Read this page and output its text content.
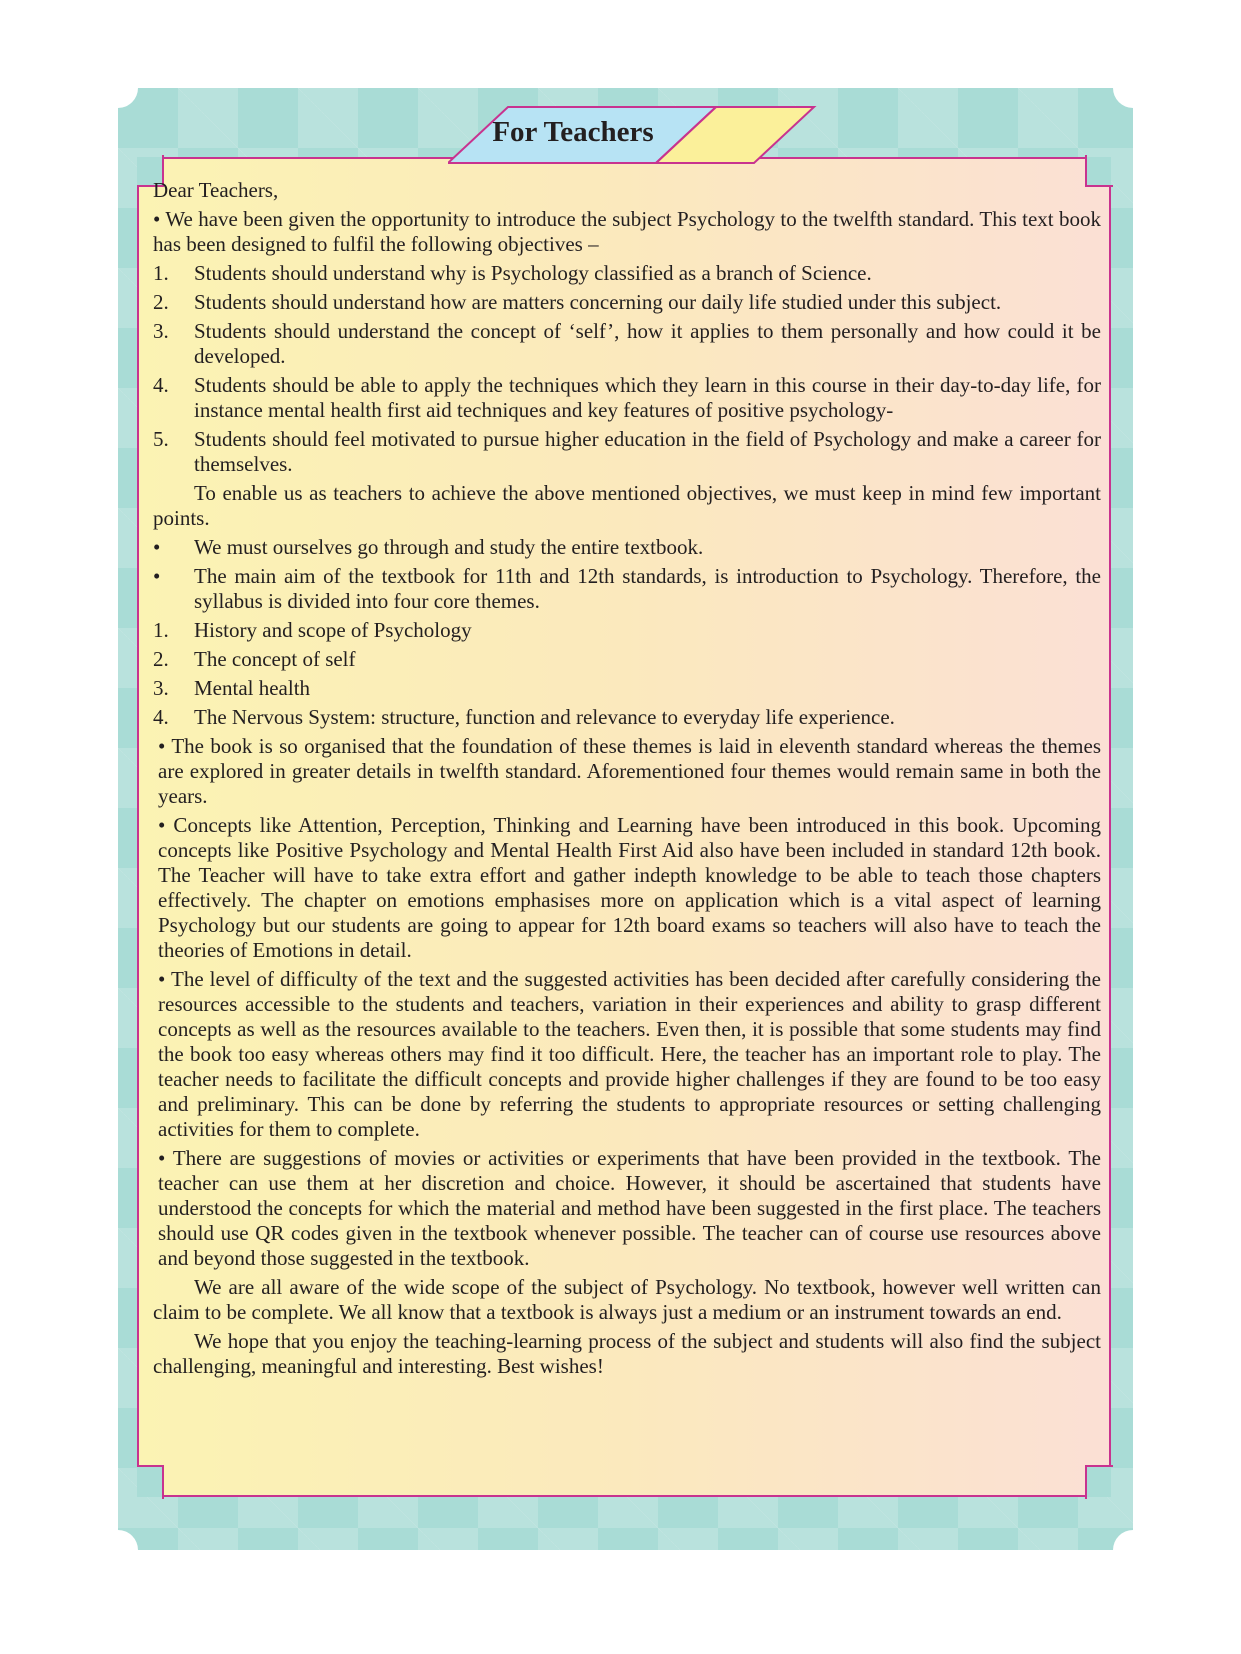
For Teachers

Dear Teachers,

• We have been given the opportunity to introduce the subject Psychology to the twelfth standard. This text book has been designed to fulfil the following objectives –

1.	Students should understand why is Psychology classified as a branch of Science.
2.	Students should understand how are matters concerning our daily life studied under this subject.
3.	Students should understand the concept of ‘self’, how it applies to them personally and how could it be developed.
4.	Students should be able to apply the techniques which they learn in this course in their day-to-day life, for instance mental health first aid techniques and key features of positive psychology-
5.	Students should feel motivated to pursue higher education in the field of Psychology and make a career for themselves.

To enable us as teachers to achieve the above mentioned objectives, we must keep in mind few important points.

•	We must ourselves go through and study the entire textbook.
•	The main aim of the textbook for 11th and 12th standards, is introduction to Psychology. Therefore, the syllabus is divided into four core themes.
1.	History and scope of Psychology
2.	The concept of self
3.	Mental health
4.	The Nervous System: structure, function and relevance to everyday life experience.

• The book is so organised that the foundation of these themes is laid in eleventh standard whereas the themes are explored in greater details in twelfth standard. Aforementioned four themes would remain same in both the years.

• Concepts like Attention, Perception, Thinking and Learning have been introduced in this book. Upcoming concepts like Positive Psychology and Mental Health First Aid also have been included in standard 12th book. The Teacher will have to take extra effort and gather indepth knowledge to be able to teach those chapters effectively. The chapter on emotions emphasises more on application which is a vital aspect of learning Psychology but our students are going to appear for 12th board exams so teachers will also have to teach the theories of Emotions in detail.

• The level of difficulty of the text and the suggested activities has been decided after carefully considering the resources accessible to the students and teachers, variation in their experiences and ability to grasp different concepts as well as the resources available to the teachers. Even then, it is possible that some students may find the book too easy whereas others may find it too difficult. Here, the teacher has an important role to play. The teacher needs to facilitate the difficult concepts and provide higher challenges if they are found to be too easy and preliminary. This can be done by referring the students to appropriate resources or setting challenging activities for them to complete.

• There are suggestions of movies or activities or experiments that have been provided in the textbook. The teacher can use them at her discretion and choice. However, it should be ascertained that students have understood the concepts for which the material and method have been suggested in the first place. The teachers should use QR codes given in the textbook whenever possible. The teacher can of course use resources above and beyond those suggested in the textbook.

We are all aware of the wide scope of the subject of Psychology. No textbook, however well written can claim to be complete. We all know that a textbook is always just a medium or an instrument towards an end.

We hope that you enjoy the teaching-learning process of the subject and students will also find the subject challenging, meaningful and interesting. Best wishes!
